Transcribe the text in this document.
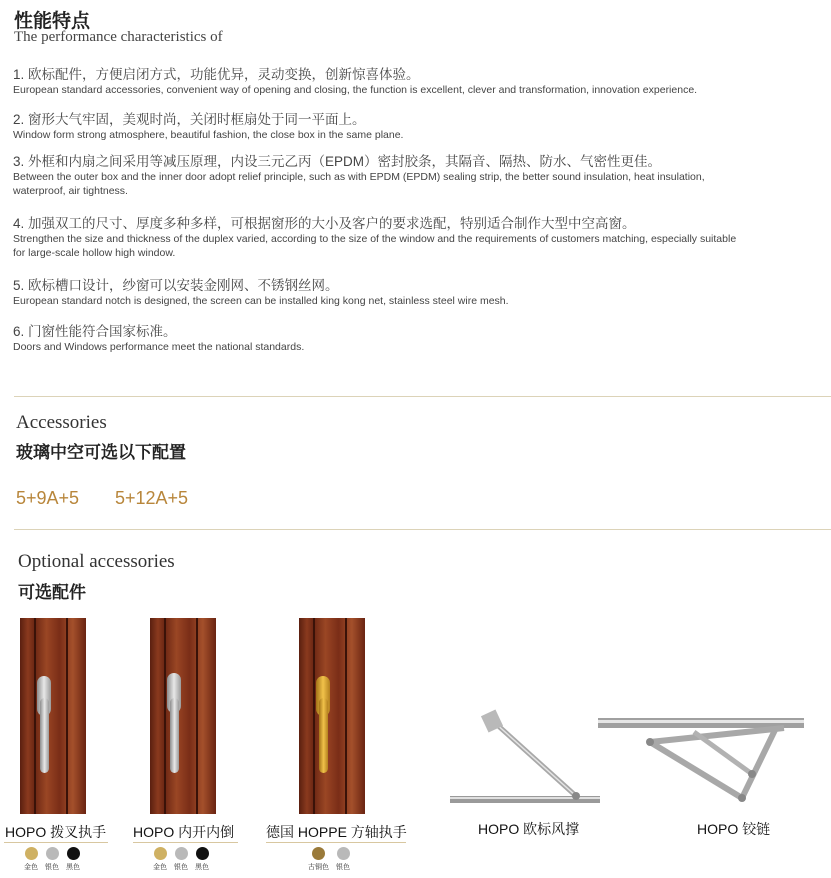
性能特点
The performance characteristics of
1. 欧标配件，方便启闭方式，功能优异，灵动变换，创新惊喜体验。
European standard accessories, convenient way of opening and closing, the function is excellent, clever and transformation, innovation experience.
2. 窗形大气牢固，美观时尚，关闭时框扇处于同一平面上。
Window form strong atmosphere, beautiful fashion, the close box in the same plane.
3. 外框和内扇之间采用等减压原理，内设三元乙丙（EPDM）密封胶条，其隔音、隔热、防水、气密性更佳。
Between the outer box and the inner door adopt relief principle, such as with EPDM (EPDM) sealing strip, the better sound insulation, heat insulation, waterproof, air tightness.
4. 加强双工的尺寸、厚度多种多样，可根据窗形的大小及客户的要求选配，特别适合制作大型中空高窗。
Strengthen the size and thickness of the duplex varied, according to the size of the window and the requirements of customers matching, especially suitable for large-scale hollow high window.
5. 欧标槽口设计，纱窗可以安装金刚网、不锈钢丝网。
European standard notch is designed, the screen can be installed king kong net, stainless steel wire mesh.
6. 门窗性能符合国家标准。
Doors and Windows performance meet the national standards.
Accessories
玻璃中空可选以下配置
5+9A+5 5+12A+5
Optional accessories
可选配件
HOPO 拨叉执手
金色 银色 黑色
HOPO 内开内倒
金色 银色 黑色
德国 HOPPE 方轴执手
古铜色 银色
HOPO 欧标风撑	HOPO 铰链
